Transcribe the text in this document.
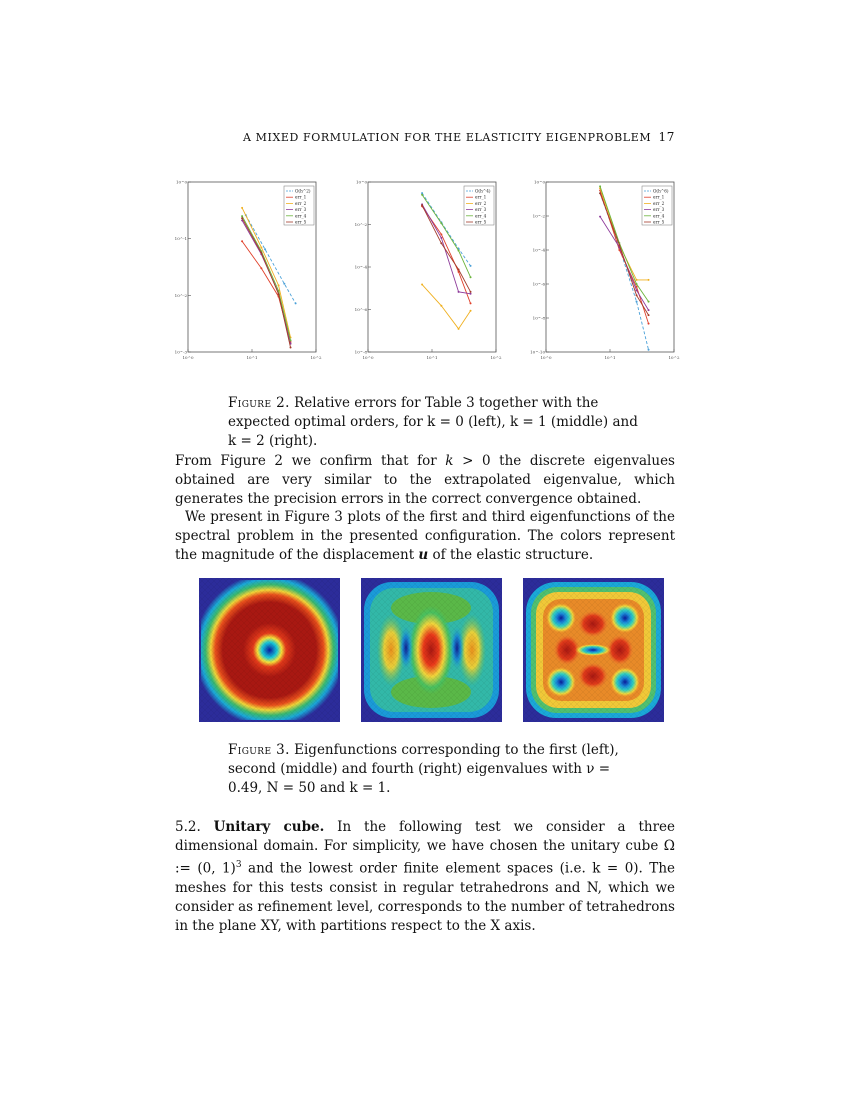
A MIXED FORMULATION FOR THE ELASTICITY EIGENPROBLEM 17
10^0	10^1	10^2
10^-3
10^-2
10^-1
10^0
O(h^2)
err_1
err_2
err_3
err_4
err_5
10^0	10^1	10^2
10^-8
10^-6
10^-4
10^-2
10^0
O(h^4)
err_1
err_2
err_3
err_4
err_5
10^0	10^1	10^2
10^-10
10^-8
10^-6
10^-4
10^-2
10^0
O(h^6)
err_1
err_2
err_3
err_4
err_5
Figure 2. Relative errors for Table 3 together with the expected optimal orders, for k = 0 (left), k = 1 (middle) and k = 2 (right).
From Figure 2 we confirm that for k > 0 the discrete eigenvalues obtained are very similar to the extrapolated eigenvalue, which generates the precision errors in the correct convergence obtained.
We present in Figure 3 plots of the first and third eigenfunctions of the spectral problem in the presented configuration. The colors represent the magnitude of the displacement u of the elastic structure.
Figure 3. Eigenfunctions corresponding to the first (left), second (middle) and fourth (right) eigenvalues with ν = 0.49, N = 50 and k = 1.
5.2. Unitary cube. In the following test we consider a three dimensional domain. For simplicity, we have chosen the unitary cube Ω := (0, 1)$^3$ and the lowest order finite element spaces (i.e. k = 0). The meshes for this tests consist in regular tetrahedrons and N, which we consider as refinement level, corresponds to the number of tetrahedrons in the plane XY, with partitions respect to the X axis.
